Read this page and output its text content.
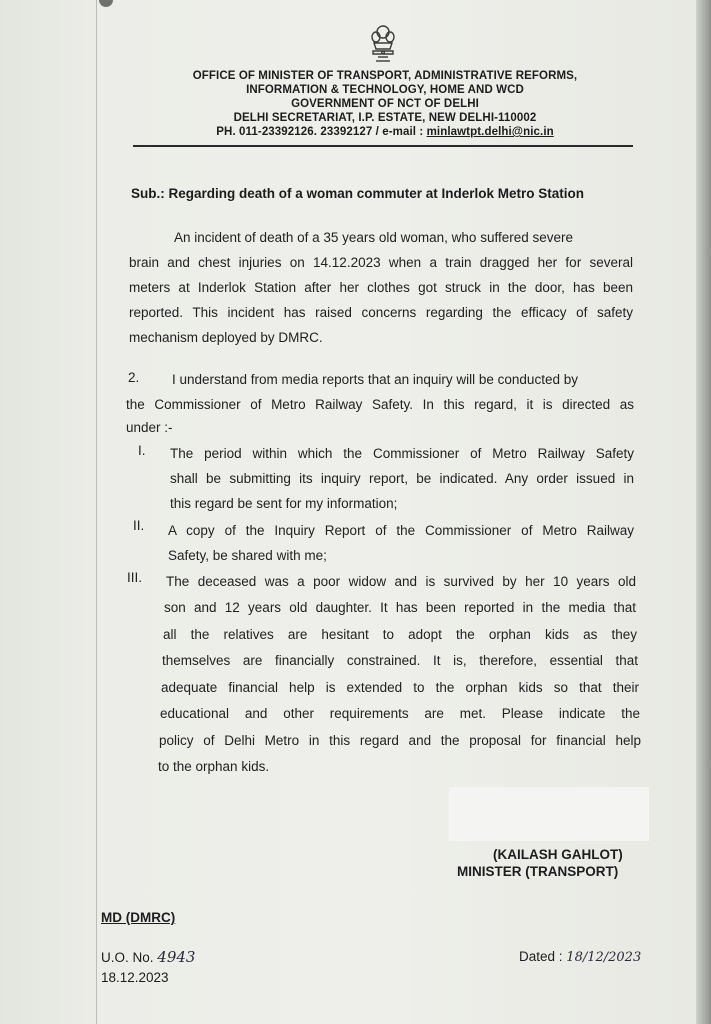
OFFICE OF MINISTER OF TRANSPORT, ADMINISTRATIVE REFORMS,
INFORMATION & TECHNOLOGY, HOME AND WCD
GOVERNMENT OF NCT OF DELHI
DELHI SECRETARIAT, I.P. ESTATE, NEW DELHI-110002
PH. 011-23392126. 23392127 / e-mail : minlawtpt.delhi@nic.in
Sub.: Regarding death of a woman commuter at Inderlok Metro Station
An incident of death of a 35 years old woman, who suffered severe
brain and chest injuries on 14.12.2023 when a train dragged her for several
meters at Inderlok Station after her clothes got struck in the door, has been
reported. This incident has raised concerns regarding the efficacy of safety
mechanism deployed by DMRC.
2. I understand from media reports that an inquiry will be conducted by
the Commissioner of Metro Railway Safety. In this regard, it is directed as
under :-
I. The period within which the Commissioner of Metro Railway Safety
shall be submitting its inquiry report, be indicated. Any order issued in
this regard be sent for my information;
II. A copy of the Inquiry Report of the Commissioner of Metro Railway
Safety, be shared with me;
III. The deceased was a poor widow and is survived by her 10 years old
son and 12 years old daughter. It has been reported in the media that
all the relatives are hesitant to adopt the orphan kids as they
themselves are financially constrained. It is, therefore, essential that
adequate financial help is extended to the orphan kids so that their
educational and other requirements are met. Please indicate the
policy of Delhi Metro in this regard and the proposal for financial help
to the orphan kids.
(KAILASH GAHLOT)
MINISTER (TRANSPORT)
MD (DMRC)
U.O. No. 4943
18.12.2023
Dated : 18/12/2023
